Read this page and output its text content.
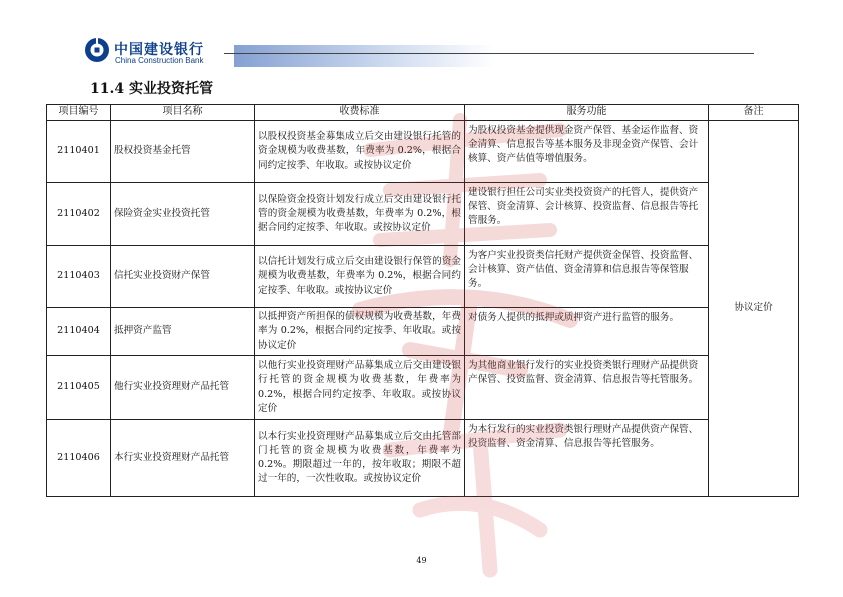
中国建设银行
China Construction Bank
11.4 实业投资托管
项目编号	项目名称	收费标准	服务功能	备注
2110401	股权投资基金托管	以股权投资基金募集成立后交由建设银行托管的资金规模为收费基数，年费率为 0.2%，根据合同约定按季、年收取。或按协议定价	为股权投资基金提供现金资产保管、基金运作监督、资金清算、信息报告等基本服务及非现金资产保管、会计核算、资产估值等增值服务。	协议定价
2110402	保险资金实业投资托管	以保险资金投资计划发行成立后交由建设银行托管的资金规模为收费基数，年费率为 0.2%，根据合同约定按季、年收取。或按协议定价	建设银行担任公司实业类投资资产的托管人，提供资产保管、资金清算、会计核算、投资监督、信息报告等托管服务。	
2110403	信托实业投资财产保管	以信托计划发行成立后交由建设银行保管的资金规模为收费基数，年费率为 0.2%，根据合同约定按季、年收取。或按协议定价	为客户实业投资类信托财产提供资金保管、投资监督、会计核算、资产估值、资金清算和信息报告等保管服务。	
2110404	抵押资产监管	以抵押资产所担保的债权规模为收费基数，年费率为 0.2%，根据合同约定按季、年收取。或按协议定价	对债务人提供的抵押或质押资产进行监管的服务。	
2110405	他行实业投资理财产品托管	以他行实业投资理财产品募集成立后交由建设银行托管的资金规模为收费基数，年费率为 0.2%，根据合同约定按季、年收取。或按协议定价	为其他商业银行发行的实业投资类银行理财产品提供资产保管、投资监督、资金清算、信息报告等托管服务。	
2110406	本行实业投资理财产品托管	以本行实业投资理财产品募集成立后交由托管部门托管的资金规模为收费基数，年费率为 0.2%。期限超过一年的，按年收取；期限不超过一年的，一次性收取。或按协议定价	为本行发行的实业投资类银行理财产品提供资产保管、投资监督、资金清算、信息报告等托管服务。	
49
